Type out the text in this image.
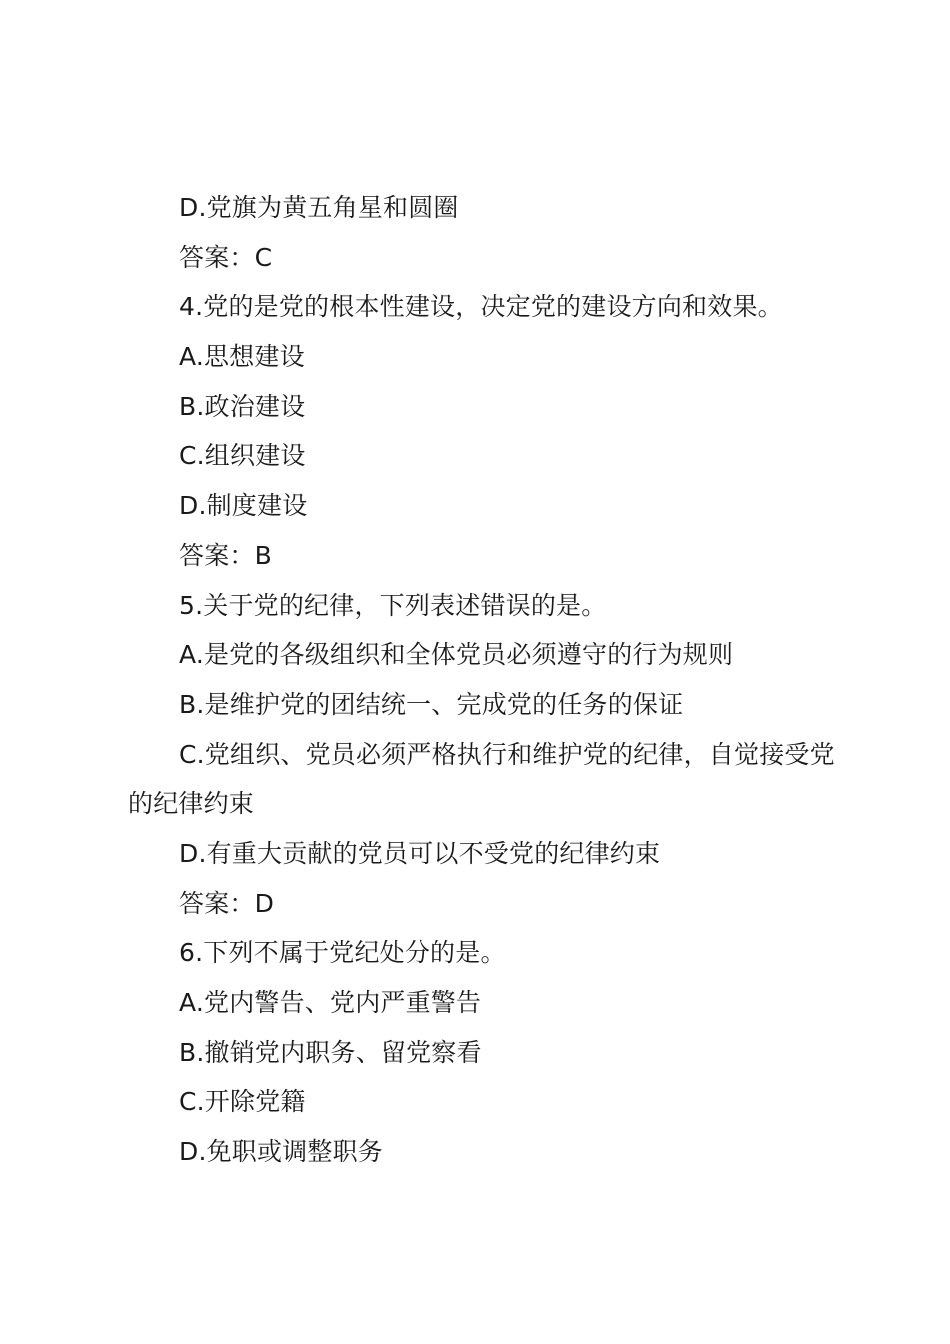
D.党旗为黄五角星和圆圈
答案：C
4.党的是党的根本性建设，决定党的建设方向和效果。
A.思想建设
B.政治建设
C.组织建设
D.制度建设
答案：B
5.关于党的纪律，下列表述错误的是。
A.是党的各级组织和全体党员必须遵守的行为规则
B.是维护党的团结统一、完成党的任务的保证
C.党组织、党员必须严格执行和维护党的纪律，自觉接受党
的纪律约束
D.有重大贡献的党员可以不受党的纪律约束
答案：D
6.下列不属于党纪处分的是。
A.党内警告、党内严重警告
B.撤销党内职务、留党察看
C.开除党籍
D.免职或调整职务
